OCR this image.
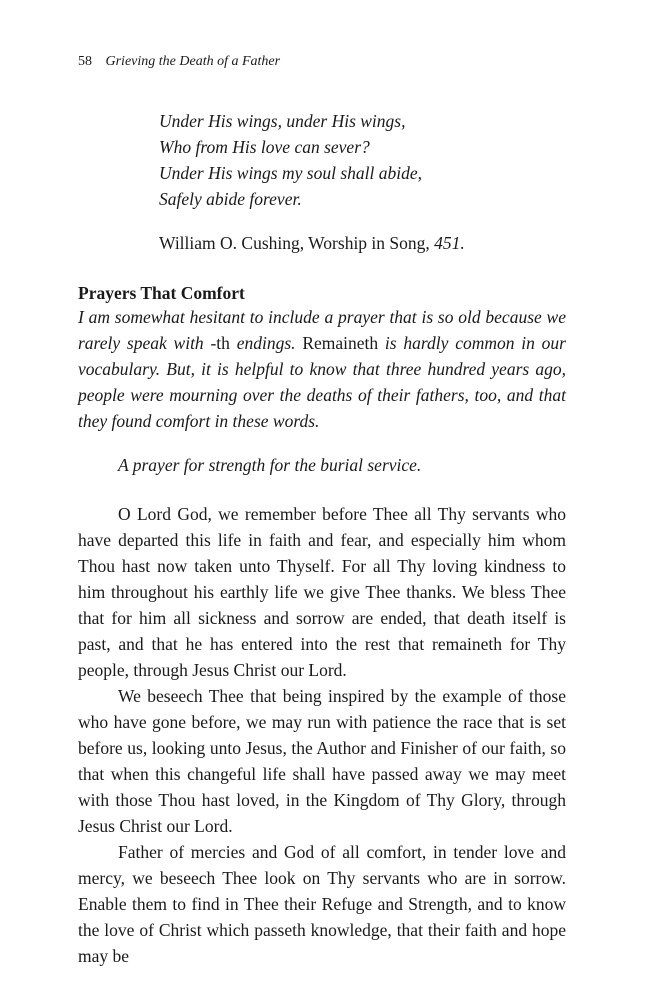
58 Grieving the Death of a Father
Under His wings, under His wings,
Who from His love can sever?
Under His wings my soul shall abide,
Safely abide forever.
William O. Cushing, Worship in Song, 451.
Prayers That Comfort
I am somewhat hesitant to include a prayer that is so old because we rarely speak with -th endings. Remaineth is hardly common in our vocabulary. But, it is helpful to know that three hundred years ago, people were mourning over the deaths of their fathers, too, and that they found comfort in these words.
A prayer for strength for the burial service.

O Lord God, we remember before Thee all Thy servants who have departed this life in faith and fear, and especially him whom Thou hast now taken unto Thyself. For all Thy loving kindness to him throughout his earthly life we give Thee thanks. We bless Thee that for him all sickness and sorrow are ended, that death itself is past, and that he has entered into the rest that remaineth for Thy people, through Jesus Christ our Lord.

We beseech Thee that being inspired by the example of those who have gone before, we may run with patience the race that is set before us, looking unto Jesus, the Author and Finisher of our faith, so that when this changeful life shall have passed away we may meet with those Thou hast loved, in the Kingdom of Thy Glory, through Jesus Christ our Lord.

Father of mercies and God of all comfort, in tender love and mercy, we beseech Thee look on Thy servants who are in sorrow. Enable them to find in Thee their Refuge and Strength, and to know the love of Christ which passeth knowledge, that their faith and hope may be
